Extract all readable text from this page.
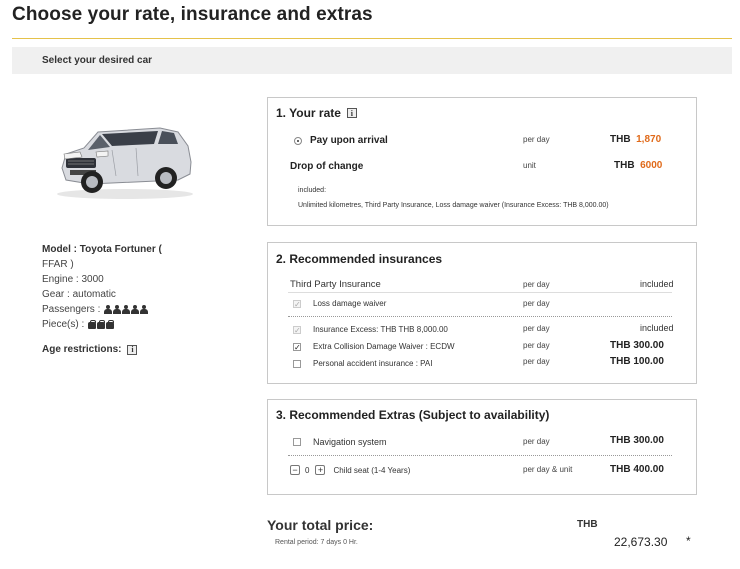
Choose your rate, insurance and extras
Select your desired car
Model : Toyota Fortuner (
FFAR )
Engine : 3000
Gear : automatic
Passengers :
Piece(s) :
Age restrictions:	i
1. Your rate	i
Pay upon arrival	per day	THB 1,870
Drop of change	unit	THB 6000
included:
Unlimited kilometres, Third Party Insurance, Loss damage waiver (Insurance Excess: THB 8,000.00)
2. Recommended insurances
Third Party Insurance	per day	included
✓ Loss damage waiver	per day
✓ Insurance Excess: THB THB 8,000.00	per day	included
✓ Extra Collision Damage Waiver : ECDW	per day	THB 300.00
Personal accident insurance : PAI	per day	THB 100.00
3. Recommended Extras (Subject to availability)
Navigation system	per day	THB 300.00
− 0 + Child seat (1-4 Years)	per day & unit	THB 400.00
Your total price:
Rental period: 7 days 0 Hr.
THB
22,673.30 *
